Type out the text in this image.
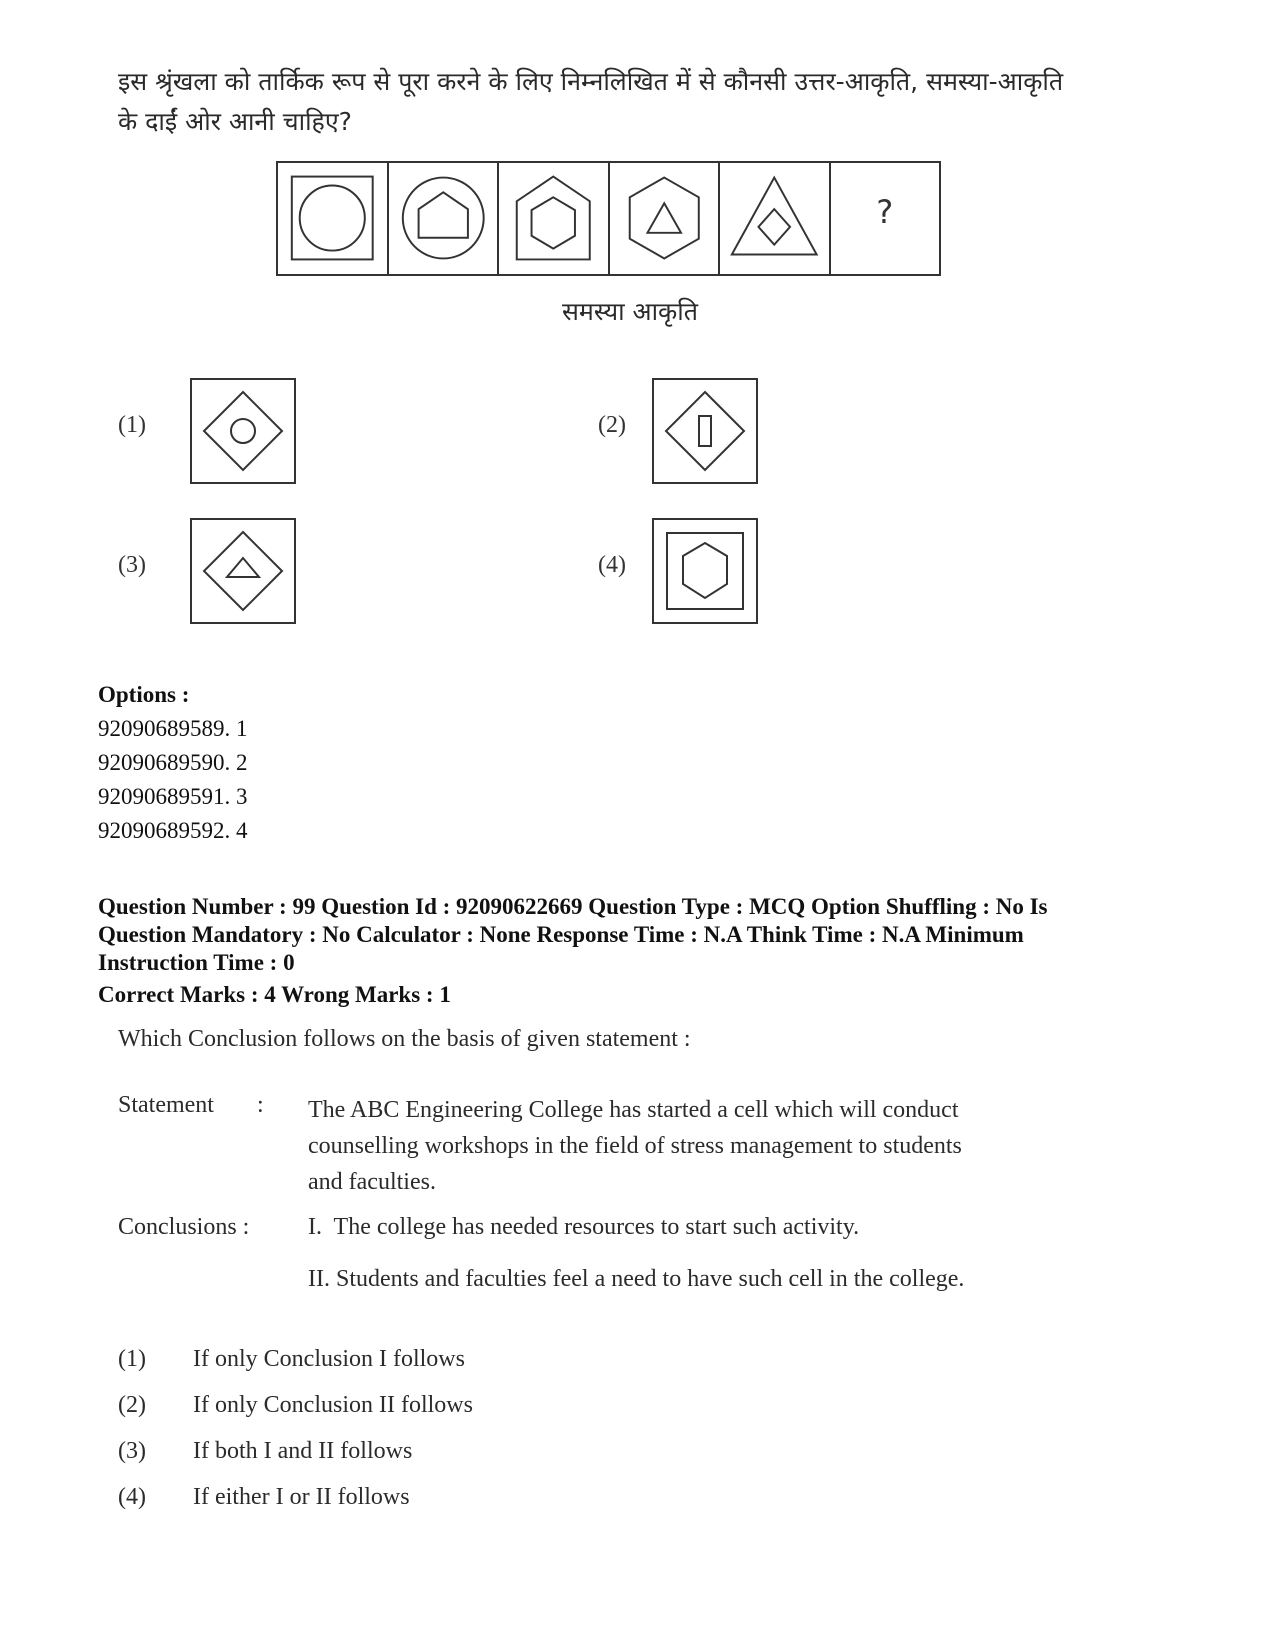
इस श्रृंखला को तार्किक रूप से पूरा करने के लिए निम्नलिखित में से कौनसी उत्तर-आकृति, समस्या-आकृति
के दाईं ओर आनी चाहिए?
?
समस्या आकृति
(1)	(2)
(3)	(4)
Options :
92090689589. 1
92090689590. 2
92090689591. 3
92090689592. 4
Question Number : 99 Question Id : 92090622669 Question Type : MCQ Option Shuffling : No Is
Question Mandatory : No Calculator : None Response Time : N.A Think Time : N.A Minimum
Instruction Time : 0
Correct Marks : 4 Wrong Marks : 1
Which Conclusion follows on the basis of given statement :
Statement : The ABC Engineering College has started a cell which will conduct
counselling workshops in the field of stress management to students
and faculties.
Conclusions : I.  The college has needed resources to start such activity.
II. Students and faculties feel a need to have such cell in the college.
(1)	If only Conclusion I follows
(2)	If only Conclusion II follows
(3)	If both I and II follows
(4)	If either I or II follows
